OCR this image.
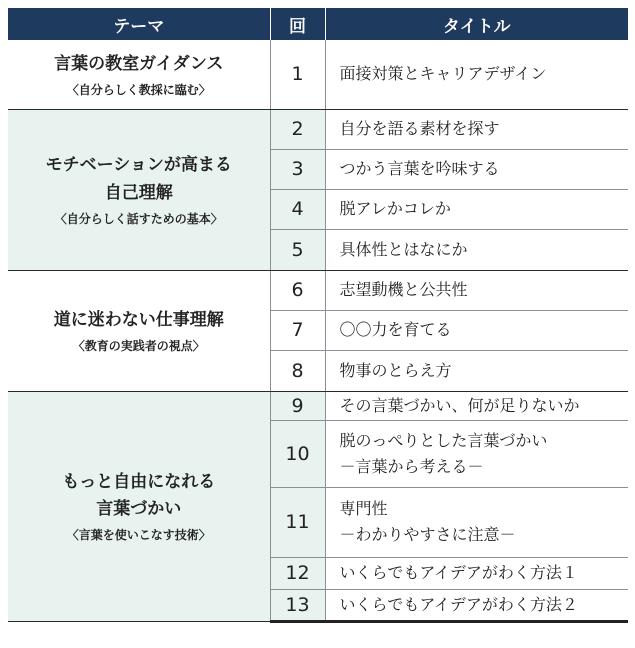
テーマ	回	タイトル

言葉の教室ガイダンス
〈自分らしく教採に臨む〉	1	面接対策とキャリアデザイン

モチベーションが高まる
自己理解
〈自分らしく話すための基本〉	2	自分を語る素材を探す

	3	つかう言葉を吟味する

	4	脱アレかコレか

	5	具体性とはなにか

道に迷わない仕事理解
〈教育の実践者の視点〉	6	志望動機と公共性

	7	〇〇力を育てる

	8	物事のとらえ方

もっと自由になれる
言葉づかい
〈言葉を使いこなす技術〉	9	その言葉づかい、何が足りないか

	10	脱のっぺりとした言葉づかい
－言葉から考える－

	11	専門性
－わかりやすさに注意－

	12	いくらでもアイデアがわく方法１

	13	いくらでもアイデアがわく方法２
